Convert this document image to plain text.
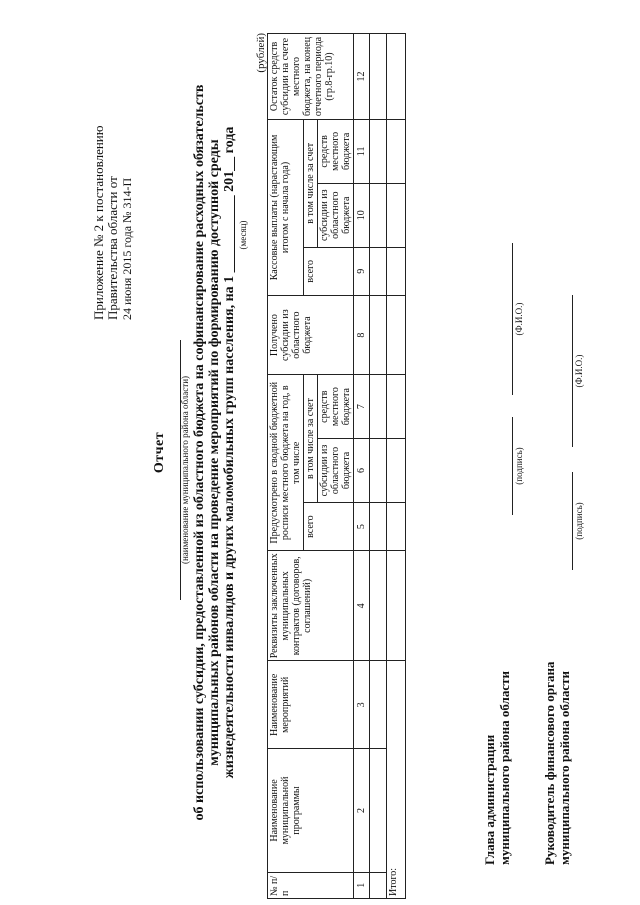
Приложение № 2 к постановлению Правительства области от 24 июня 2015 года № 314-П
Отчет (наименование муниципального района области) об использовании субсидии, предоставленной из областного бюджета на софинансирование расходных обязательств муниципальных районов области на проведение мероприятий по формированию доступной среды жизнедеятельности инвалидов и других маломобильных групп населения, на 1 ___________ 201__ года (месяц)
(рублей)
№ п/п	Наименование муниципальной программы	Наименование мероприятий	Реквизиты заключенных муниципальных контрактов (договоров, соглашений)	Предусмотрено в сводной бюджетной росписи местного бюджета на год, в том числе			Получено субсидии из областного бюджета	Кассовые выплаты (нарастающим итогом с начала года)			Остаток средств субсидии на счете местного бюджета, на конец отчетного периода (гр.8-гр.10)
				всего	в том числе за счет			всего	в том числе за счет		
					субсидии из областного бюджета	средств местного бюджета			субсидии из областного бюджета	средств местного бюджета	
1	2	3	4	5	6	7	8	9	10	11	12

Итого:											
Глава администрации муниципального района области
(подпись)
(Ф.И.О.)
Руководитель финансового органа муниципального района области
(подпись)
(Ф.И.О.)
